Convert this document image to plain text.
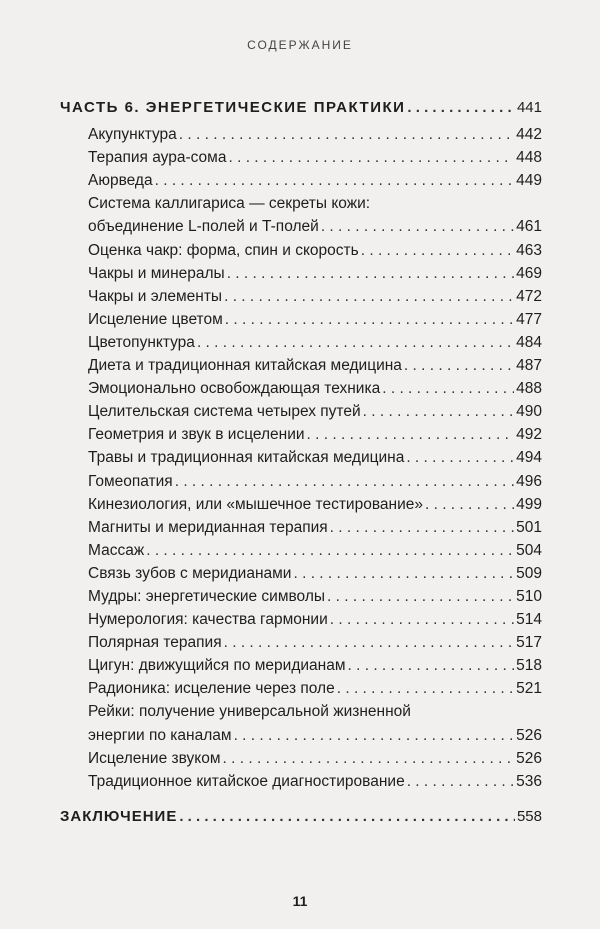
СОДЕРЖАНИЕ
ЧАСТЬ 6. ЭНЕРГЕТИЧЕСКИЕ ПРАКТИКИ . . .	441
Акупунктура . . .	442
Терапия аура-сома . . .	448
Аюрведа . . .	449
Система каллигариса — секреты кожи:
объединение L-полей и T-полей . . .	461
Оценка чакр: форма, спин и скорость . . .	463
Чакры и минералы . . .	469
Чакры и элементы . . .	472
Исцеление цветом . . .	477
Цветопунктура . . .	484
Диета и традиционная китайская медицина . . .	487
Эмоционально освобождающая техника . . .	488
Целительская система четырех путей . . .	490
Геометрия и звук в исцелении . . .	492
Травы и традиционная китайская медицина . . .	494
Гомеопатия . . .	496
Кинезиология, или «мышечное тестирование» . . .	499
Магниты и меридианная терапия . . .	501
Массаж . . .	504
Связь зубов с меридианами . . .	509
Мудры: энергетические символы . . .	510
Нумерология: качества гармонии . . .	514
Полярная терапия . . .	517
Цигун: движущийся по меридианам . . .	518
Радионика: исцеление через поле . . .	521
Рейки: получение универсальной жизненной
энергии по каналам . . .	526
Исцеление звуком . . .	526
Традиционное китайское диагностирование . . .	536
ЗАКЛЮЧЕНИЕ . . .	558
11
